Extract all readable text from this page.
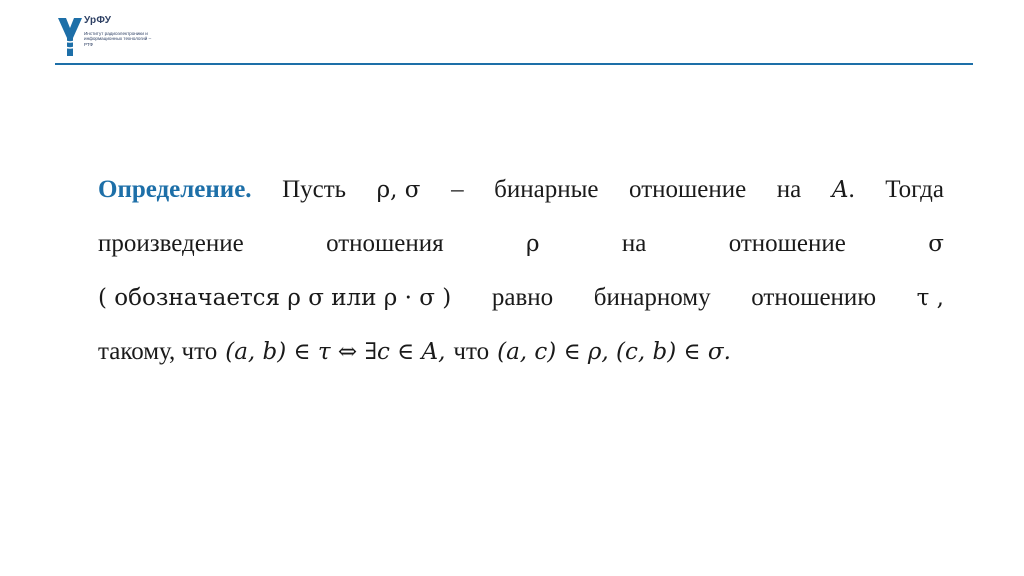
УрФУ
Институт радиоэлектроники и информационных технологий – РТФ
Определение. Пусть ρ, σ – бинарные отношение на A. Тогда
произведение	отношения	ρ	на	отношение	σ
( обозначается ρ σ или ρ · σ ) равно бинарному отношению τ ,
такому, что (a, b) ∈ τ ⇔ ∃c ∈ A, что (a, c) ∈ ρ, (c, b) ∈ σ.
